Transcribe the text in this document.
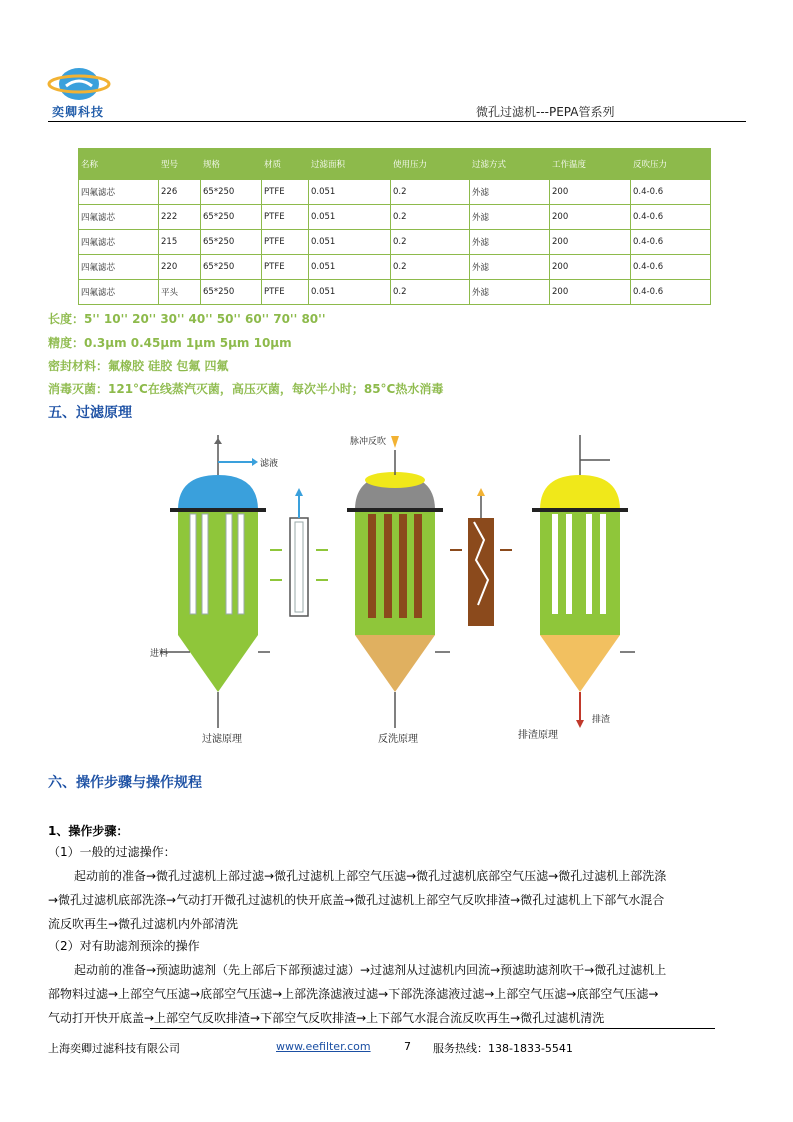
奕卿科技	微孔过滤机---PEPA管系列
名称	型号	规格	材质	过滤面积	使用压力	过滤方式	工作温度	反吹压力
四氟滤芯	226	65*250	PTFE	0.051	0.2	外滤	200	0.4-0.6
四氟滤芯	222	65*250	PTFE	0.051	0.2	外滤	200	0.4-0.6
四氟滤芯	215	65*250	PTFE	0.051	0.2	外滤	200	0.4-0.6
四氟滤芯	220	65*250	PTFE	0.051	0.2	外滤	200	0.4-0.6
四氟滤芯	平头	65*250	PTFE	0.051	0.2	外滤	200	0.4-0.6
长度：5'' 10'' 20'' 30'' 40'' 50'' 60'' 70'' 80''
精度：0.3μm 0.45μm 1μm 5μm 10μm
密封材料：氟橡胶 硅胶 包氟 四氟
消毒灭菌：121°C在线蒸汽灭菌，高压灭菌，每次半小时；85°C热水消毒
五、过滤原理
滤液
进料
过滤原理
脉冲反吹
反洗原理
排渣
排渣原理
六、操作步骤与操作规程
1、操作步骤：
（1）一般的过滤操作：
起动前的准备→微孔过滤机上部过滤→微孔过滤机上部空气压滤→微孔过滤机底部空气压滤→微孔过滤机上部洗涤
→微孔过滤机底部洗涤→气动打开微孔过滤机的快开底盖→微孔过滤机上部空气反吹排渣→微孔过滤机上下部气水混合
流反吹再生→微孔过滤机内外部清洗
（2）对有助滤剂预涂的操作
起动前的准备→预滤助滤剂（先上部后下部预滤过滤）→过滤剂从过滤机内回流→预滤助滤剂吹干→微孔过滤机上
部物料过滤→上部空气压滤→底部空气压滤→上部洗涤滤液过滤→下部洗涤滤液过滤→上部空气压滤→底部空气压滤→
气动打开快开底盖→上部空气反吹排渣→下部空气反吹排渣→上下部气水混合流反吹再生→微孔过滤机清洗
上海奕卿过滤科技有限公司	www.eefilter.com	7 服务热线：138-1833-5541
